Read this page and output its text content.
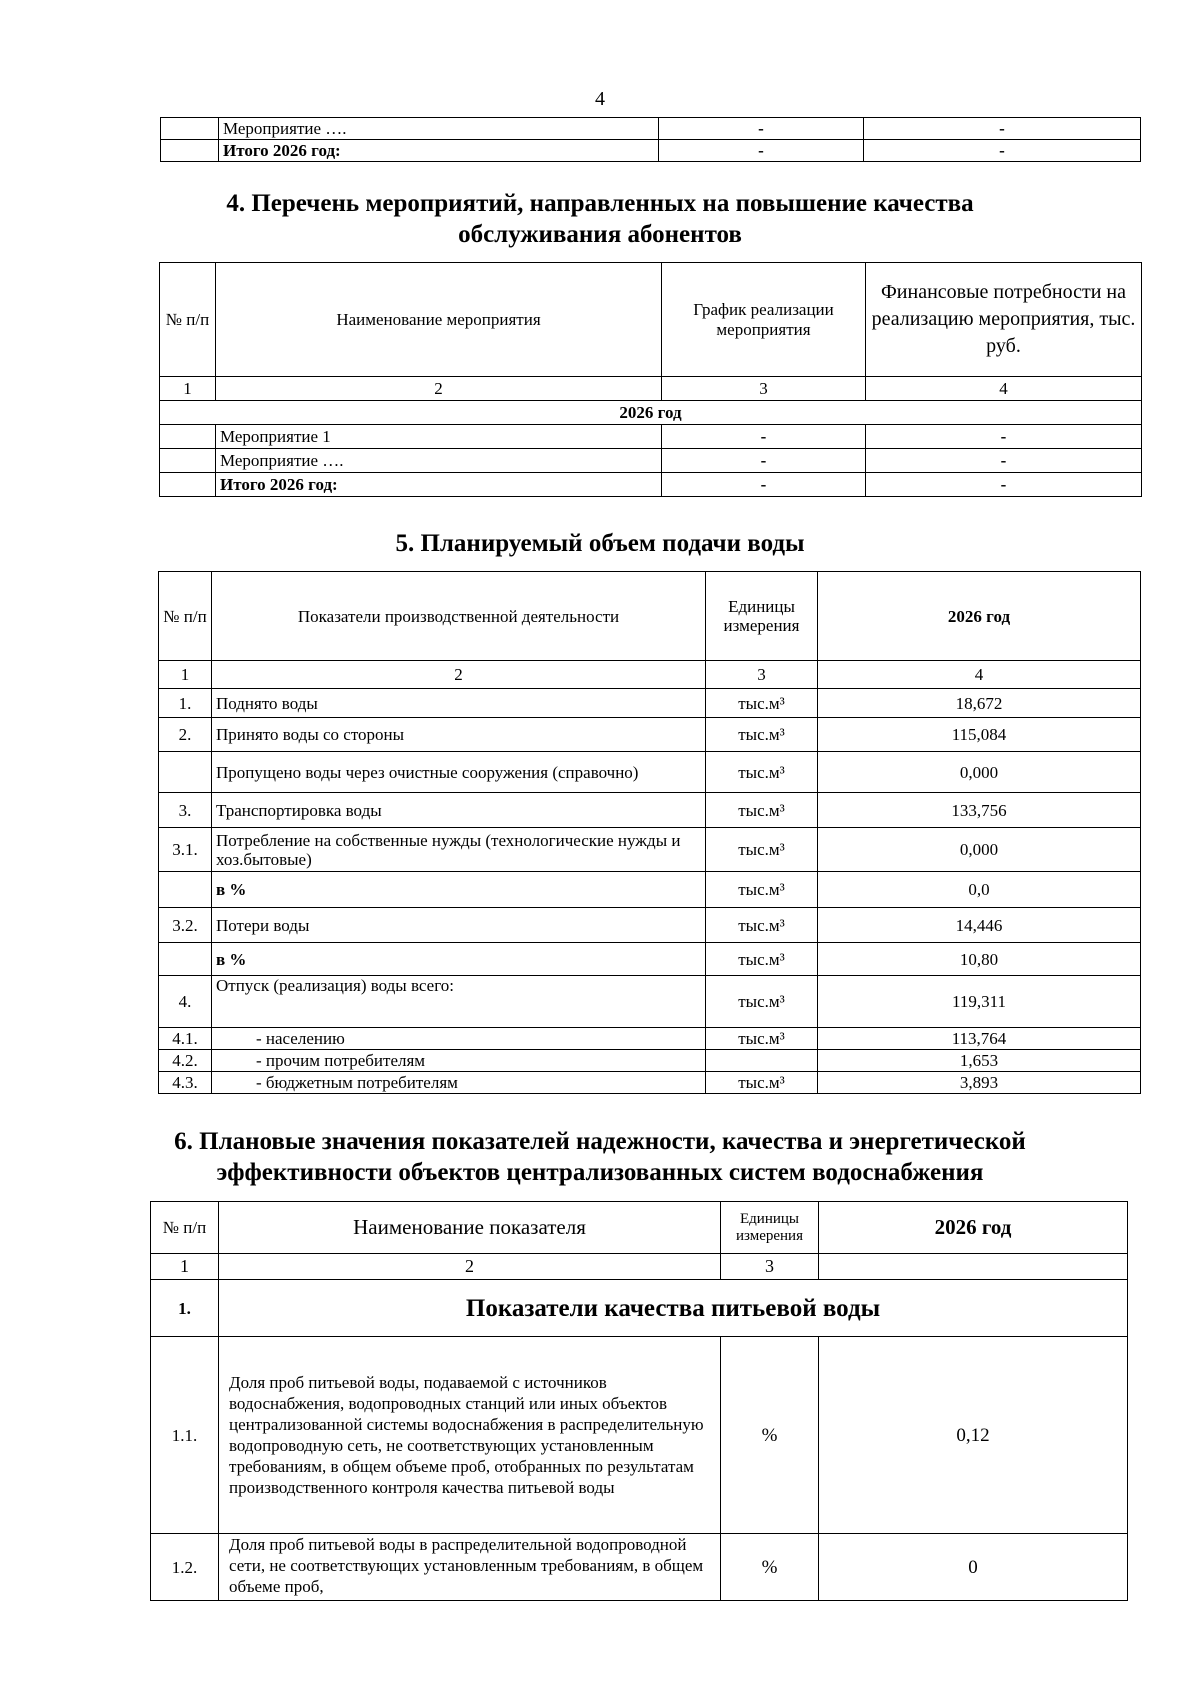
4
	Мероприятие ….	-	-
	Итого 2026 год:	-	-
4. Перечень мероприятий, направленных на повышение качества
обслуживания абонентов
№ п/п	Наименование мероприятия	График реализации мероприятия	Финансовые потребности на реализацию мероприятия, тыс. руб.
1	2	3	4
2026 год			
	Мероприятие 1	-	-
	Мероприятие ….	-	-
	Итого 2026 год:	-	-
5. Планируемый объем подачи воды
№ п/п	Показатели производственной деятельности	Единицы измерения	2026 год
1	2	3	4
1.	Поднято воды	тыс.м³	18,672
2.	Принято воды со стороны	тыс.м³	115,084
	Пропущено воды через очистные сооружения (справочно)	тыс.м³	0,000
3.	Транспортировка воды	тыс.м³	133,756
3.1.	Потребление на собственные нужды (технологические нужды и хоз.бытовые)	тыс.м³	0,000
	в %	тыс.м³	0,0
3.2.	Потери воды	тыс.м³	14,446
	в %	тыс.м³	10,80
4.	Отпуск (реализация) воды всего:	тыс.м³	119,311
4.1.	- населению	тыс.м³	113,764
4.2.	- прочим потребителям		1,653
4.3.	- бюджетным потребителям	тыс.м³	3,893
6. Плановые значения показателей надежности, качества и энергетической
эффективности объектов централизованных систем водоснабжения
№ п/п	Наименование показателя	Единицы измерения	2026 год
1	2	3	
1.	Показатели качества питьевой воды		
1.1.	Доля проб питьевой воды, подаваемой с источников водоснабжения, водопроводных станций или иных объектов централизованной системы водоснабжения в распределительную водопроводную сеть, не соответствующих установленным требованиям, в общем объеме проб, отобранных по результатам производственного контроля качества питьевой воды	%	0,12
1.2.	Доля проб питьевой воды в распределительной водопроводной сети, не соответствующих установленным требованиям, в общем объеме проб,	%	0
